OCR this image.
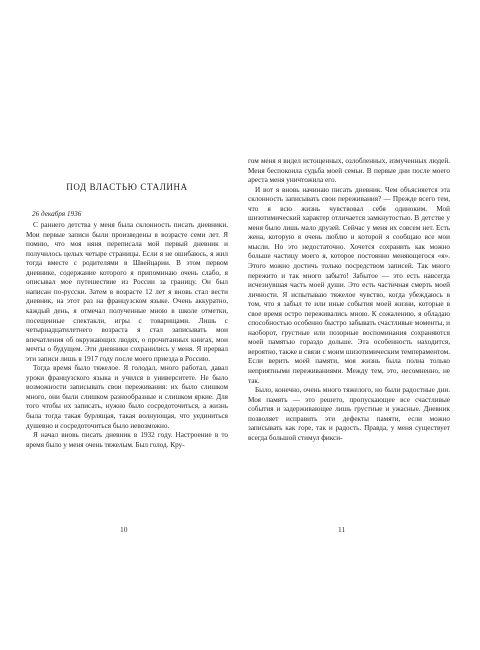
ПОД ВЛАСТЬЮ СТАЛИНА
26 декабря 1936

С раннего детства у меня была склонность писать дневники. Мои первые записи были произведены в возрасте семи лет. Я помню, что моя няня переписала мой первый дневник и получилось целых четыре страницы. Если я не ошибаюсь, я жил тогда вместе с родителями в Швейцарии. В этом первом дневнике, содержание которого я припоминаю очень слабо, я описывал мое путешествие из России за границу. Он был написан по-русски. Затем в возрасте 12 лет я вновь стал вести дневник, на этот раз на французском языке. Очень аккуратно, каждый день, я отмечал полученные мною в школе отметки, посещенные спектакли, игры с товарищами. Лишь с четырнадцатилетнего возраста я стал записывать мои впечатления об окружающих людях, о прочитанных книгах, мои мечты о будущем. Эти дневники сохранились у меня. Я прервал эти записи лишь в 1917 году после моего приезда в Россию.

Тогда время было тяжелое. Я голодал, много работал, давал уроки французского языка и учился в университете. Не было возможности записывать свои переживания: их было слишком много, они были слишком разнообразные и слишком яркие. Для того чтобы их записать, нужно было сосредоточиться, а жизнь была тогда такая бурлящая, такая волнующая, что уединиться душевно и сосредоточиться было невозможно.

Я начал вновь писать дневник в 1932 году. Настроение в то время было у меня очень тяжелым. Был голод. Кру-

гом меня я видел истощенных, озлобленных, измученных людей. Меня беспокоила судьба моей семьи. В первые дни после моего ареста меня уничтожила его.

И вот я вновь начинаю писать дневник. Чем объясняется эта склонность записывать свои переживания? — Прежде всего тем, что я всю жизнь чувствовал себя одиноким. Мой шизотимический характер отличается замкнутостью. В детстве у меня было лишь мало друзей. Сейчас у меня их совсем нет. Есть жена, которую я очень люблю и которой я сообщаю все мои мысли. Но это недостаточно. Хочется сохранить как можно больше частицу моего я, которое постоянно меняющегося «я». Этого можно достичь только посредством записей. Так много пережито и так много забыто! Забытое — это есть навсегда исчезнувшая часть моей души. Это есть частичная смерть моей личности. Я испытываю тяжелое чувство, когда убеждаюсь в том, что я забыл те или иные события моей жизни, которые в свое время остро переживались мною. К сожалению, я обладаю способностью особенно быстро забывать счастливые моменты, и наоборот, грустные или позорные воспоминания сохраняются моей памятью гораздо дольше. Эта особенность находится, вероятно, также в связи с моим шизотимическим темпераментом. Если верить моей памяти, моя жизнь была полна только неприятными переживаниями. Между тем, это, несомненно, не так.

Было, конечно, очень много тяжелого, но были радостные дни. Моя память — это решето, пропускающее все счастливые события и задерживающее лишь грустные и ужасные. Дневник позволяет исправить эти дефекты памяти, если можно записывать как горе, так и радость. Правда, у меня существует всегда большой стимул фикси-

10	11
